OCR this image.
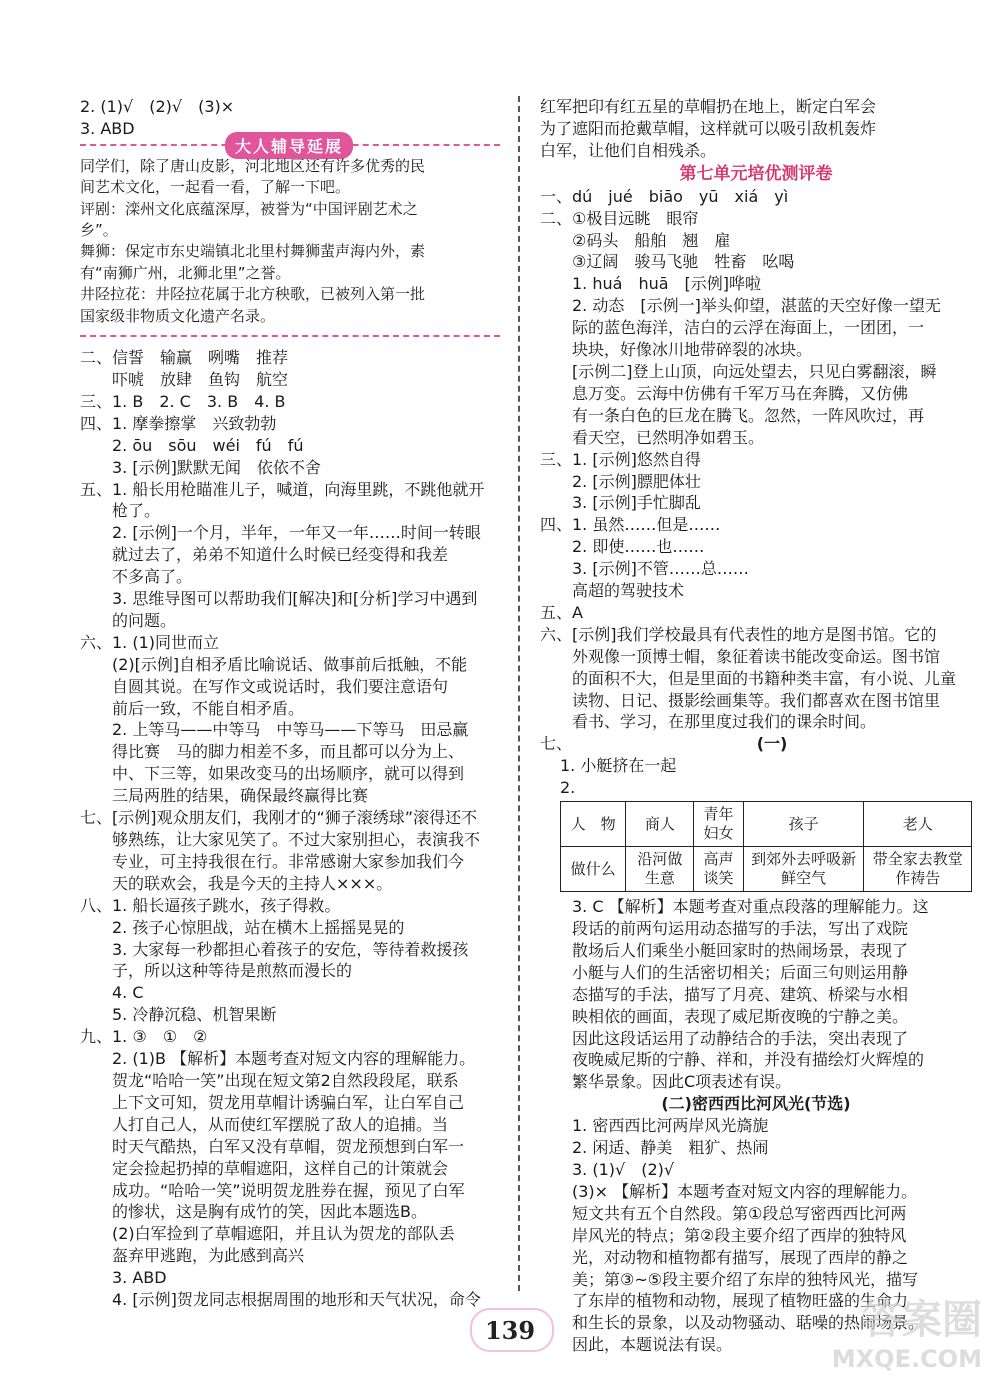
2. (1)√　(2)√　(3)×
3. ABD
大人辅导延展
同学们，除了唐山皮影，河北地区还有许多优秀的民
间艺术文化，一起看一看，了解一下吧。
评剧：滦州文化底蕴深厚，被誉为“中国评剧艺术之
乡”。
舞狮：保定市东史端镇北北里村舞狮蜚声海内外，素
有“南狮广州，北狮北里”之誉。
井陉拉花：井陉拉花属于北方秧歌，已被列入第一批
国家级非物质文化遗产名录。
二、信誓　输赢　咧嘴　推荐
　　吓唬　放肆　鱼钩　航空
三、1. B　2. C　3. B　4. B
四、1. 摩拳擦掌　兴致勃勃
　　2. ōu　sōu　wéi　fú　fú
　　3. [示例]默默无闻　依依不舍
五、1. 船长用枪瞄准儿子，喊道，向海里跳，不跳他就开
　　枪了。
　　2. [示例]一个月，半年，一年又一年……时间一转眼
　　就过去了，弟弟不知道什么时候已经变得和我差
　　不多高了。
　　3. 思维导图可以帮助我们[解决]和[分析]学习中遇到
　　的问题。
六、1. (1)同世而立
　　(2)[示例]自相矛盾比喻说话、做事前后抵触，不能
　　自圆其说。在写作文或说话时，我们要注意语句
　　前后一致，不能自相矛盾。
　　2. 上等马——中等马　中等马——下等马　田忌赢
　　得比赛　马的脚力相差不多，而且都可以分为上、
　　中、下三等，如果改变马的出场顺序，就可以得到
　　三局两胜的结果，确保最终赢得比赛
七、[示例]观众朋友们，我刚才的“狮子滚绣球”滚得还不
　　够熟练，让大家见笑了。不过大家别担心，表演我不
　　专业，可主持我很在行。非常感谢大家参加我们今
　　天的联欢会，我是今天的主持人×××。
八、1. 船长逼孩子跳水，孩子得救。
　　2. 孩子心惊胆战，站在横木上摇摇晃晃的
　　3. 大家每一秒都担心着孩子的安危，等待着救援孩
　　子，所以这种等待是煎熬而漫长的
　　4. C
　　5. 冷静沉稳、机智果断
九、1. ③　①　②
　　2. (1)B 【解析】本题考查对短文内容的理解能力。
　　贺龙“哈哈一笑”出现在短文第2自然段段尾，联系
　　上下文可知，贺龙用草帽计诱骗白军，让白军自己
　　人打自己人，从而使红军摆脱了敌人的追捕。当
　　时天气酷热，白军又没有草帽，贺龙预想到白军一
　　定会捡起扔掉的草帽遮阳，这样自己的计策就会
　　成功。“哈哈一笑”说明贺龙胜券在握，预见了白军
　　的惨状，这是胸有成竹的笑，因此本题选B。
　　(2)白军捡到了草帽遮阳，并且认为贺龙的部队丢
　　盔弃甲逃跑，为此感到高兴
　　3. ABD
　　4. [示例]贺龙同志根据周围的地形和天气状况，命令
红军把印有红五星的草帽扔在地上，断定白军会
为了遮阳而抢戴草帽，这样就可以吸引敌机轰炸
白军，让他们自相残杀。
第七单元培优测评卷
一、dú　jué　biāo　yū　xiá　yì
二、①极目远眺　眼帘
　　②码头　船舶　翘　雇
　　③辽阔　骏马飞驰　牲畜　吆喝
　　1. huá　huā　[示例]哗啦
　　2. 动态　[示例一]举头仰望，湛蓝的天空好像一望无
　　际的蓝色海洋，洁白的云浮在海面上，一团团，一
　　块块，好像冰川地带碎裂的冰块。
　　[示例二]登上山顶，向远处望去，只见白雾翻滚，瞬
　　息万变。云海中仿佛有千军万马在奔腾，又仿佛
　　有一条白色的巨龙在腾飞。忽然，一阵风吹过，再
　　看天空，已然明净如碧玉。
三、1. [示例]悠然自得
　　2. [示例]膘肥体壮
　　3. [示例]手忙脚乱
四、1. 虽然……但是……
　　2. 即使……也……
　　3. [示例]不管……总……
　　高超的驾驶技术
五、A
六、[示例]我们学校最具有代表性的地方是图书馆。它的
　　外观像一顶博士帽，象征着读书能改变命运。图书馆
　　的面积不大，但是里面的书籍种类丰富，有小说、儿童
　　读物、日记、摄影绘画集等。我们都喜欢在图书馆里
　　看书、学习，在那里度过我们的课余时间。
七、	(一)
1. 小艇挤在一起
2.
人　物	商人	青年妇女	孩子	老人
做什么	沿河做生意	高声谈笑	到郊外去呼吸新鲜空气	带全家去教堂作祷告
　　3. C 【解析】本题考查对重点段落的理解能力。这
　　段话的前两句运用动态描写的手法，写出了戏院
　　散场后人们乘坐小艇回家时的热闹场景，表现了
　　小艇与人们的生活密切相关；后面三句则运用静
　　态描写的手法，描写了月亮、建筑、桥梁与水相
　　映相依的画面，表现了威尼斯夜晚的宁静之美。
　　因此这段话运用了动静结合的手法，突出表现了
　　夜晚威尼斯的宁静、祥和，并没有描绘灯火辉煌的
　　繁华景象。因此C项表述有误。
(二)密西西比河风光(节选)
　　1. 密西西比河两岸风光旖旎
　　2. 闲适、静美　粗犷、热闹
　　3. (1)√　(2)√
　　(3)× 【解析】本题考查对短文内容的理解能力。
　　短文共有五个自然段。第①段总写密西西比河两
　　岸风光的特点；第②段主要介绍了西岸的独特风
　　光，对动物和植物都有描写，展现了西岸的静之
　　美；第③~⑤段主要介绍了东岸的独特风光，描写
　　了东岸的植物和动物，展现了植物旺盛的生命力
　　和生长的景象，以及动物骚动、聒噪的热闹场景。
　　因此，本题说法有误。
139	答案圈
MXQE.COM
